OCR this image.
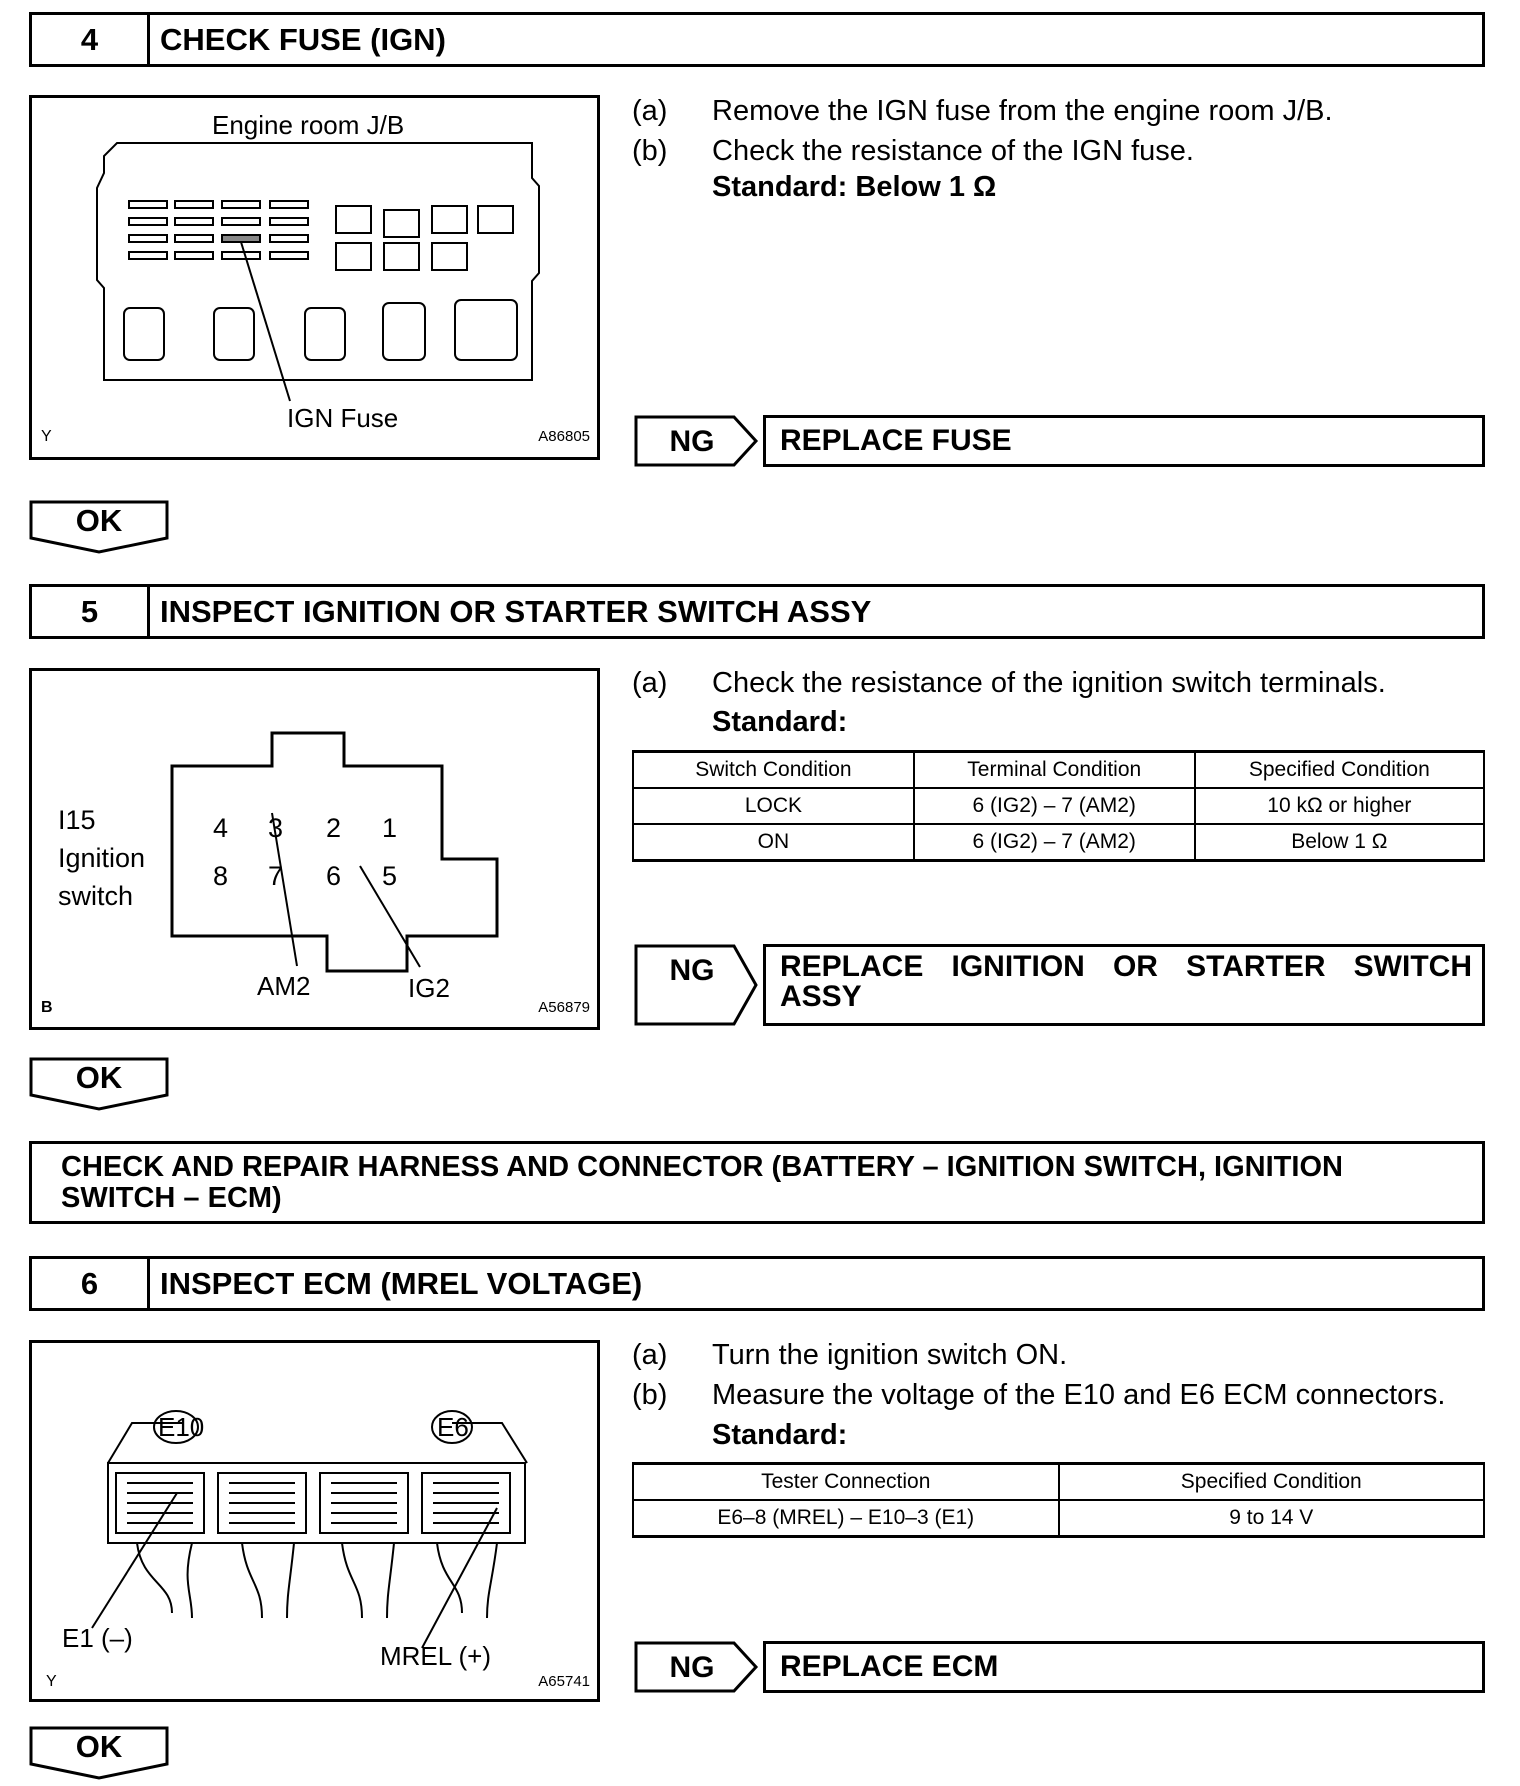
4	CHECK FUSE (IGN)
Engine room J/B
IGN Fuse
Y	A86805
(a) Remove the IGN fuse from the engine room J/B.
(b) Check the resistance of the IGN fuse.
Standard: Below 1 Ω
NG	REPLACE FUSE
OK
5	INSPECT IGNITION OR STARTER SWITCH ASSY
I15
Ignition
switch
4 3 2 1
8 7 6 5
AM2	IG2
B	A56879
(a) Check the resistance of the ignition switch terminals.
Standard:
Switch Condition	Terminal Condition	Specified Condition
LOCK	6 (IG2) – 7 (AM2)	10 kΩ or higher
ON	6 (IG2) – 7 (AM2)	Below 1 Ω
NG	REPLACE IGNITION OR STARTER SWITCH
ASSY
OK
CHECK AND REPAIR HARNESS AND CONNECTOR (BATTERY – IGNITION SWITCH, IGNITION
SWITCH – ECM)
6	INSPECT ECM (MREL VOLTAGE)
E10	E6
E1 (–)
MREL (+)
Y	A65741
(a) Turn the ignition switch ON.
(b) Measure the voltage of the E10 and E6 ECM connectors.
Standard:
Tester Connection	Specified Condition
E6–8 (MREL) – E10–3 (E1)	9 to 14 V
NG	REPLACE ECM
OK
